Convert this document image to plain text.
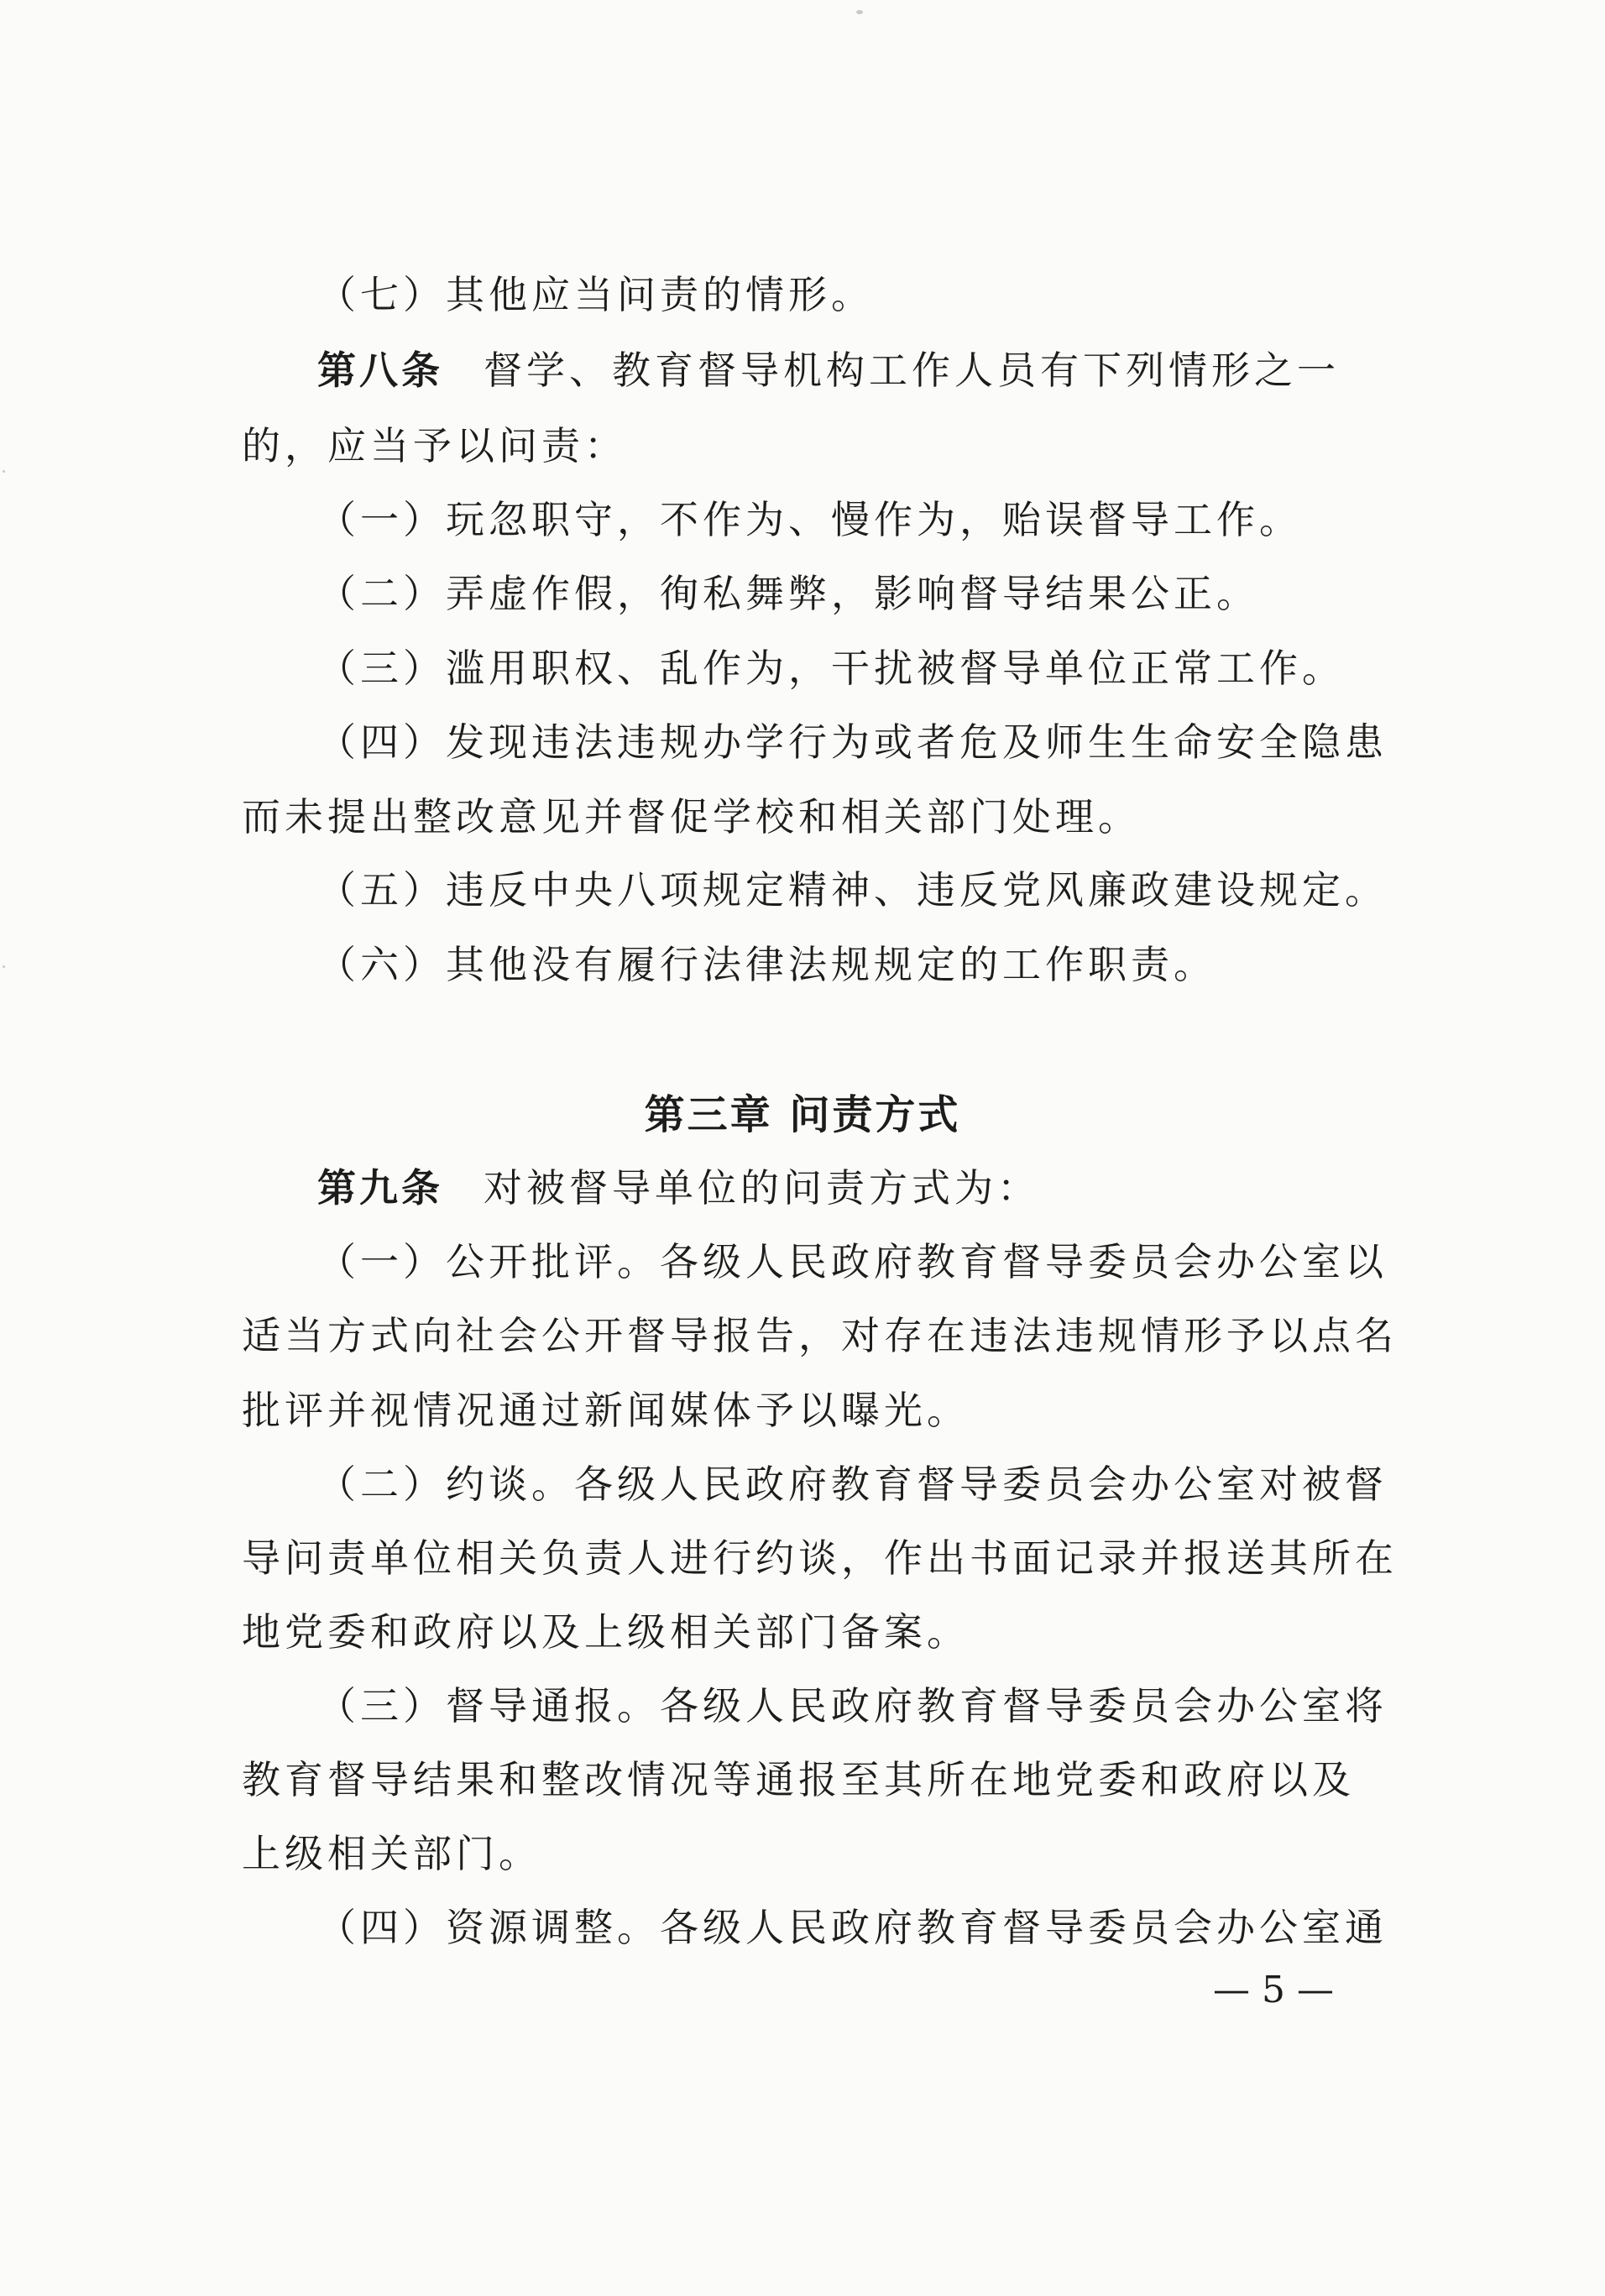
（七）其他应当问责的情形。
第八条 督学、教育督导机构工作人员有下列情形之一
的，应当予以问责：
（一）玩忽职守，不作为、慢作为，贻误督导工作。
（二）弄虚作假，徇私舞弊，影响督导结果公正。
（三）滥用职权、乱作为，干扰被督导单位正常工作。
（四）发现违法违规办学行为或者危及师生生命安全隐患
而未提出整改意见并督促学校和相关部门处理。
（五）违反中央八项规定精神、违反党风廉政建设规定。
（六）其他没有履行法律法规规定的工作职责。
第三章 问责方式
第九条 对被督导单位的问责方式为：
（一）公开批评。各级人民政府教育督导委员会办公室以
适当方式向社会公开督导报告，对存在违法违规情形予以点名
批评并视情况通过新闻媒体予以曝光。
（二）约谈。各级人民政府教育督导委员会办公室对被督
导问责单位相关负责人进行约谈，作出书面记录并报送其所在
地党委和政府以及上级相关部门备案。
（三）督导通报。各级人民政府教育督导委员会办公室将
教育督导结果和整改情况等通报至其所在地党委和政府以及
上级相关部门。
（四）资源调整。各级人民政府教育督导委员会办公室通
— 5 —
